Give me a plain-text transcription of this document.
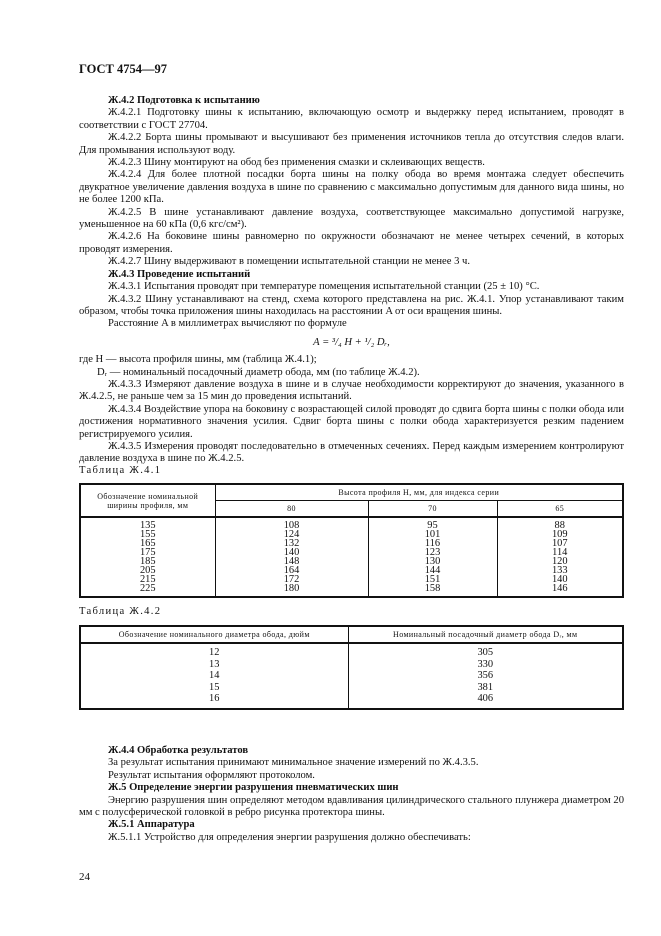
ГОСТ 4754—97

Ж.4.2 Подготовка к испытанию

Ж.4.2.1 Подготовку шины к испытанию, включающую осмотр и выдержку перед испытанием, проводят в соответствии с ГОСТ 27704.

Ж.4.2.2 Борта шины промывают и высушивают без применения источников тепла до отсутствия следов влаги. Для промывания используют воду.

Ж.4.2.3 Шину монтируют на обод без применения смазки и склеивающих веществ.

Ж.4.2.4 Для более плотной посадки борта шины на полку обода во время монтажа следует обеспечить двукратное увеличение давления воздуха в шине по сравнению с максимально допустимым для данного вида шины, но не более 1200 кПа.

Ж.4.2.5 В шине устанавливают давление воздуха, соответствующее максимально допустимой нагрузке, уменьшенное на 60 кПа (0,6 кгс/см²).

Ж.4.2.6 На боковине шины равномерно по окружности обозначают не менее четырех сечений, в которых проводят измерения.

Ж.4.2.7 Шину выдерживают в помещении испытательной станции не менее 3 ч.

Ж.4.3 Проведение испытаний

Ж.4.3.1 Испытания проводят при температуре помещения испытательной станции (25 ± 10) °С.

Ж.4.3.2 Шину устанавливают на стенд, схема которого представлена на рис. Ж.4.1. Упор устанавливают таким образом, чтобы точка приложения шины находилась на расстоянии A от оси вращения шины.

Расстояние A в миллиметрах вычисляют по формуле

A = ³/₄ H + ¹/₂ Dᵣ,

где H — высота профиля шины, мм (таблица Ж.4.1);

Dᵣ — номинальный посадочный диаметр обода, мм (по таблице Ж.4.2).

Ж.4.3.3 Измеряют давление воздуха в шине и в случае необходимости корректируют до значения, указанного в Ж.4.2.5, не раньше чем за 15 мин до проведения испытаний.

Ж.4.3.4 Воздействие упора на боковину с возрастающей силой проводят до сдвига борта шины с полки обода или достижения нормативного значения усилия. Сдвиг борта шины с полки обода характеризуется резким падением регистрируемого усилия.

Ж.4.3.5 Измерения проводят последовательно в отмеченных сечениях. Перед каждым измерением контролируют давление воздуха в шине по Ж.4.2.5.

Таблица Ж.4.1
Обозначение номинальной ширины профиля, мм	Высота профиля H, мм, для индекса серии		
	80	70	65
135	108	95	88
155	124	101	109
165	132	116	107
175	140	123	114
185	148	130	120
205	164	144	133
215	172	151	140
225	180	158	146
Таблица Ж.4.2
Обозначение номинального диаметра обода, дюйм	Номинальный посадочный диаметр обода Dᵣ, мм
12	305
13	330
14	356
15	381
16	406

Ж.4.4 Обработка результатов

За результат испытания принимают минимальное значение измерений по Ж.4.3.5.

Результат испытания оформляют протоколом.

Ж.5 Определение энергии разрушения пневматических шин

Энергию разрушения шин определяют методом вдавливания цилиндрического стального плунжера диаметром 20 мм с полусферической головкой в ребро рисунка протектора шины.

Ж.5.1 Аппаратура

Ж.5.1.1 Устройство для определения энергии разрушения должно обеспечивать:

24
